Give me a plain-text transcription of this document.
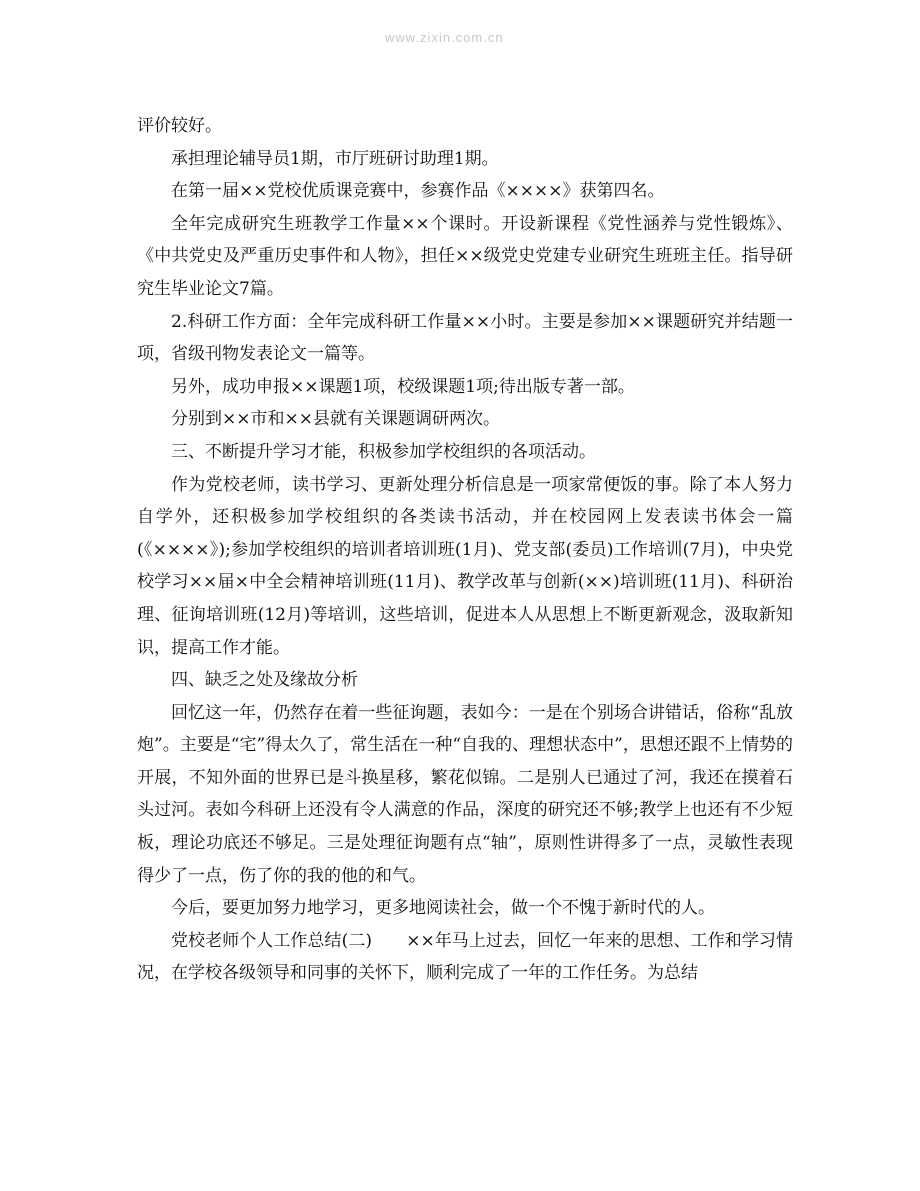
www.zixin.com.cn

评价较好。

承担理论辅导员1期，市厅班研讨助理1期。

在第一届××党校优质课竞赛中，参赛作品《××××》获第四名。

全年完成研究生班教学工作量××个课时。开设新课程《党性涵养与党性锻炼》、《中共党史及严重历史事件和人物》，担任××级党史党建专业研究生班班主任。指导研究生毕业论文7篇。

2.科研工作方面：全年完成科研工作量××小时。主要是参加××课题研究并结题一项，省级刊物发表论文一篇等。

另外，成功申报××课题1项，校级课题1项;待出版专著一部。

分别到××市和××县就有关课题调研两次。

三、不断提升学习才能，积极参加学校组织的各项活动。

作为党校老师，读书学习、更新处理分析信息是一项家常便饭的事。除了本人努力自学外，还积极参加学校组织的各类读书活动，并在校园网上发表读书体会一篇(《××××》);参加学校组织的培训者培训班(1月)、党支部(委员)工作培训(7月)，中央党校学习××届×中全会精神培训班(11月)、教学改革与创新(××)培训班(11月)、科研治理、征询培训班(12月)等培训，这些培训，促进本人从思想上不断更新观念，汲取新知识，提高工作才能。

四、缺乏之处及缘故分析

回忆这一年，仍然存在着一些征询题，表如今：一是在个别场合讲错话，俗称“乱放炮”。主要是“宅”得太久了，常生活在一种“自我的、理想状态中”，思想还跟不上情势的开展，不知外面的世界已是斗换星移，繁花似锦。二是别人已通过了河，我还在摸着石头过河。表如今科研上还没有令人满意的作品，深度的研究还不够;教学上也还有不少短板，理论功底还不够足。三是处理征询题有点“轴”，原则性讲得多了一点，灵敏性表现得少了一点，伤了你的我的他的和气。

今后，要更加努力地学习，更多地阅读社会，做一个不愧于新时代的人。

党校老师个人工作总结(二)　　××年马上过去，回忆一年来的思想、工作和学习情况，在学校各级领导和同事的关怀下，顺利完成了一年的工作任务。为总结
